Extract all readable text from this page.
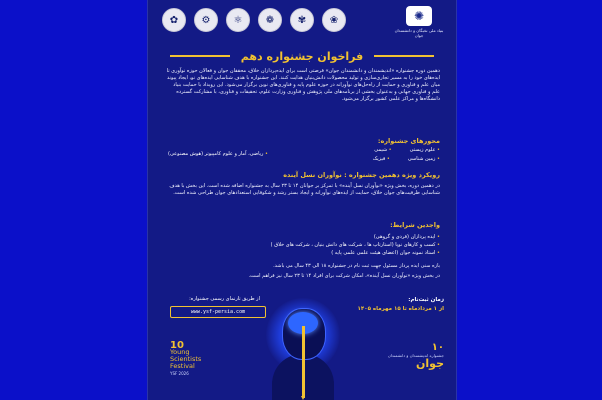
✿	⚙	⚛	❁	✾	❀	✺
بنیاد ملی نخبگان و دانشمندان جوان
فراخوان جشنواره دهم
دهمین دوره جشنواره «اندیشمندان و دانشمندان جوان» فرصتی است برای ایده‌پردازان خلاق، محققان جوان و فعالان حوزه نوآوری تا ایده‌های خود را به مسیر تجاری‌سازی و تولید محصولات دانش‌بنیان هدایت کنند. این جشنواره با هدف شناسایی ایده‌های نو، ایجاد پیوند میان علم و فناوری و حمایت از راه‌حل‌های نوآورانه در حوزه علوم پایه و فناوری‌های نوین برگزار می‌شود. این رویداد با حمایت بنیاد علم و فناوری جهانی و به‌عنوان بخشی از برنامه‌های ملی پژوهش و فناوری وزارت علوم، تحقیقات و فناوری، با مشارکت گسترده دانشگاه‌ها و مراکز علمی کشور برگزار می‌شود.
محورهای جشنواره:
• علوم زیستی
• شیمی
• زمین شناسی
• فیزیک
• ریاضی، آمار و علوم کامپیوتر (هوش مصنوعی)
رویکرد ویژه دهمین جشنواره : نوآوران نسل آینده
در دهمین دوره، بخش ویژه «نوآوران نسل آینده» با تمرکز بر جوانان ۱۴ تا ۲۳ سال به جشنواره اضافه شده است. این بخش با هدف شناسایی ظرفیت‌های جوان خلاق، حمایت از ایده‌های نوآورانه و ایجاد بستر رشد و شکوفایی استعدادهای جوان طراحی شده است.
واجدین شرایط:
• ایده پردازان (فردی و گروهی)
• کسب و کارهای نوپا (استارتاپ ها ، شرکت های دانش بنیان ، شرکت های خلاق )
• استاد نمونه جوان (اعضای هیئت علمی علمی پایه )
بازه سنی ایده پرداز مسئول جهت ثبت نام در جشنواره ۱۸ الی ۴۳ سال می باشد.
در بخش ویژه «نوآوران نسل آینده»، امکان شرکت برای افراد ۱۴ تا ۲۳ سال نیز فراهم است.
زمان ثبت‌نام:
از ۱ مردادماه تا ۱۵ مهرماه ۱۴۰۵
از طریق تارنمای رسمی جشنواره:
www.ysf-persia.com
10
Young
Scientists
Festival
YSF 2026
۱۰
جشنواره اندیشمندان و دانشمندان
جوان
